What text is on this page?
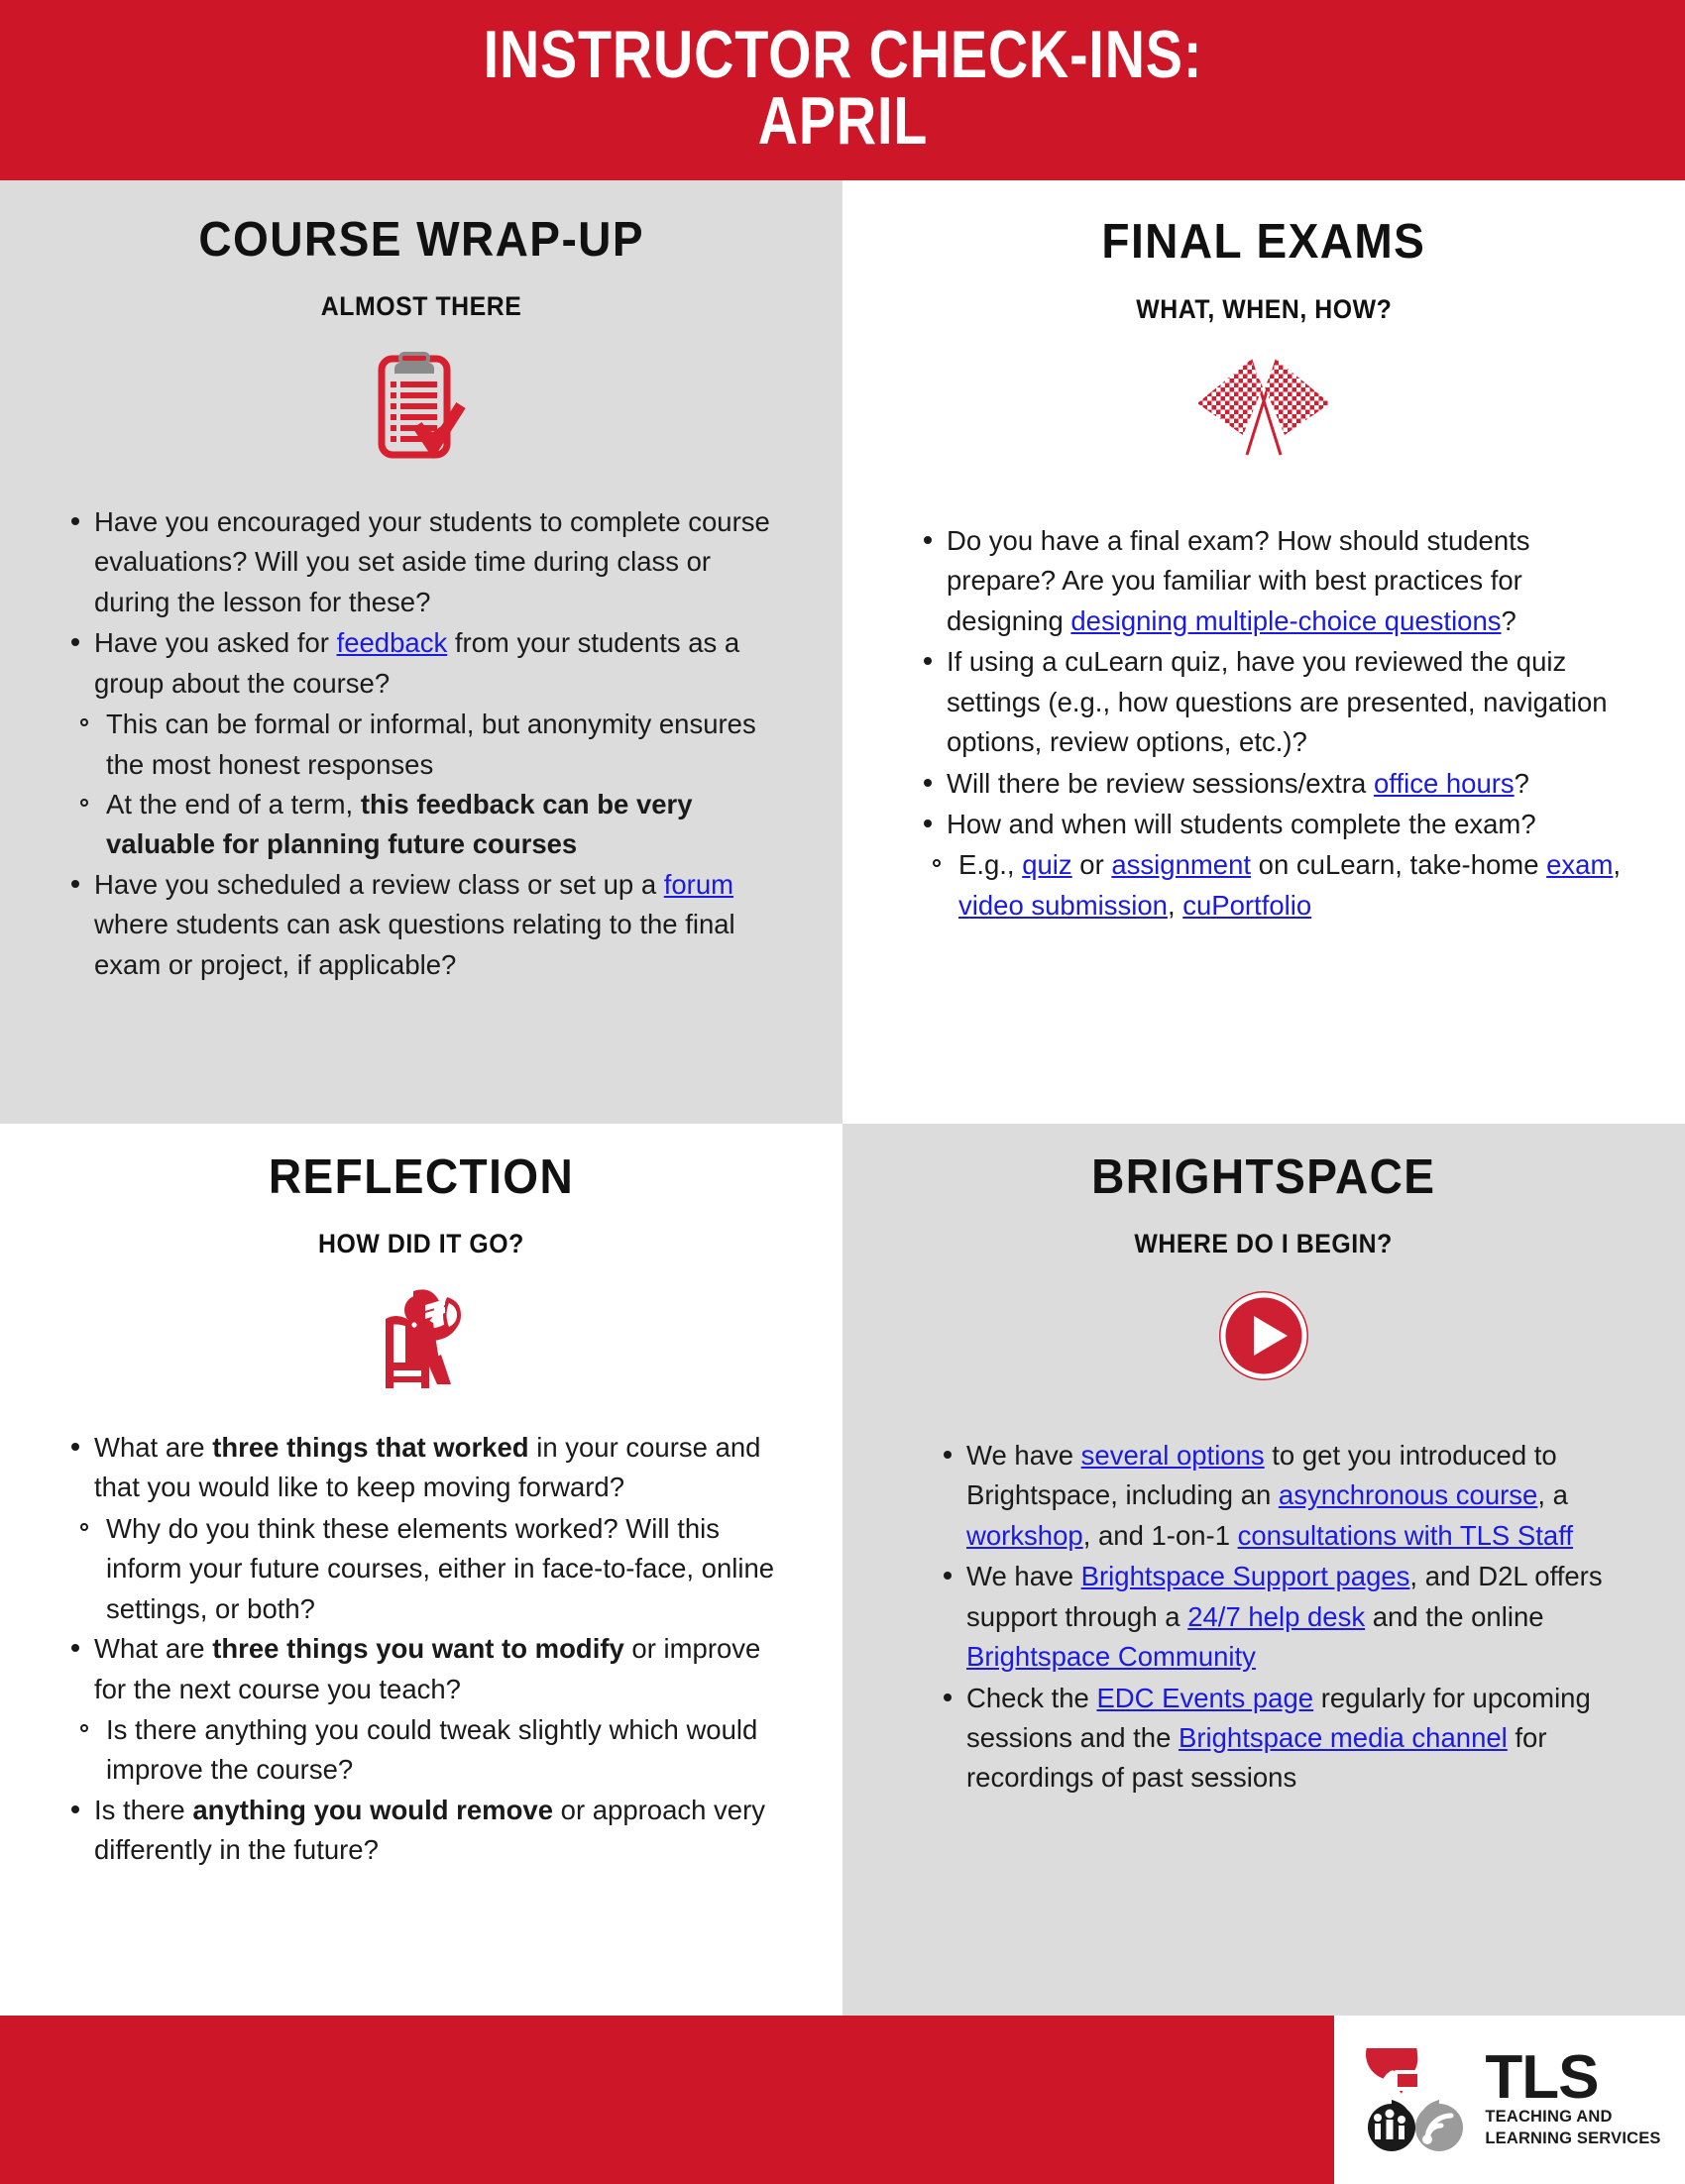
INSTRUCTOR CHECK-INS:
APRIL
COURSE WRAP-UP
ALMOST THERE
Have you encouraged your students to complete course evaluations? Will you set aside time during class or during the lesson for these?
Have you asked for feedback from your students as a group about the course?
This can be formal or informal, but anonymity ensures the most honest responses
At the end of a term, this feedback can be very valuable for planning future courses
Have you scheduled a review class or set up a forum where students can ask questions relating to the final exam or project, if applicable?
FINAL EXAMS
WHAT, WHEN, HOW?
Do you have a final exam? How should students prepare? Are you familiar with best practices for designing designing multiple-choice questions?
If using a cuLearn quiz, have you reviewed the quiz settings (e.g., how questions are presented, navigation options, review options, etc.)?
Will there be review sessions/extra office hours?
How and when will students complete the exam?
E.g., quiz or assignment on cuLearn, take-home exam, video submission, cuPortfolio
REFLECTION
HOW DID IT GO?
What are three things that worked in your course and that you would like to keep moving forward?
Why do you think these elements worked? Will this inform your future courses, either in face-to-face, online settings, or both?
What are three things you want to modify or improve for the next course you teach?
Is there anything you could tweak slightly which would improve the course?
Is there anything you would remove or approach very differently in the future?
BRIGHTSPACE
WHERE DO I BEGIN?
We have several options to get you introduced to Brightspace, including an asynchronous course, a workshop, and 1-on-1 consultations with TLS Staff
We have Brightspace Support pages, and D2L offers support through a 24/7 help desk and the online Brightspace Community
Check the EDC Events page regularly for upcoming sessions and the Brightspace media channel for recordings of past sessions
TLS
TEACHING AND
LEARNING SERVICES
